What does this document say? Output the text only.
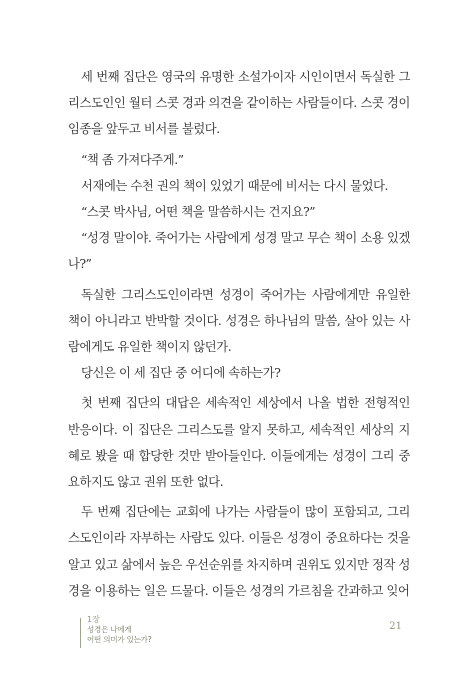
세 번째 집단은 영국의 유명한 소설가이자 시인이면서 독실한 그리스도인인 월터 스콧 경과 의견을 같이하는 사람들이다. 스콧 경이 임종을 앞두고 비서를 불렀다.

“책 좀 가져다주게.”

서재에는 수천 권의 책이 있었기 때문에 비서는 다시 물었다.

“스콧 박사님, 어떤 책을 말씀하시는 건지요?”

“성경 말이야. 죽어가는 사람에게 성경 말고 무슨 책이 소용 있겠나?”

독실한 그리스도인이라면 성경이 죽어가는 사람에게만 유일한 책이 아니라고 반박할 것이다. 성경은 하나님의 말씀, 살아 있는 사람에게도 유일한 책이지 않던가.

당신은 이 세 집단 중 어디에 속하는가?

첫 번째 집단의 대답은 세속적인 세상에서 나올 법한 전형적인 반응이다. 이 집단은 그리스도를 알지 못하고, 세속적인 세상의 지혜로 봤을 때 합당한 것만 받아들인다. 이들에게는 성경이 그리 중요하지도 않고 권위 또한 없다.

두 번째 집단에는 교회에 나가는 사람들이 많이 포함되고, 그리스도인이라 자부하는 사람도 있다. 이들은 성경이 중요하다는 것을 알고 있고 삶에서 높은 우선순위를 차지하며 권위도 있지만 정작 성경을 이용하는 일은 드물다. 이들은 성경의 가르침을 간과하고 잊어

1장
성경은 나에게
어떤 의미가 있는가?
21
